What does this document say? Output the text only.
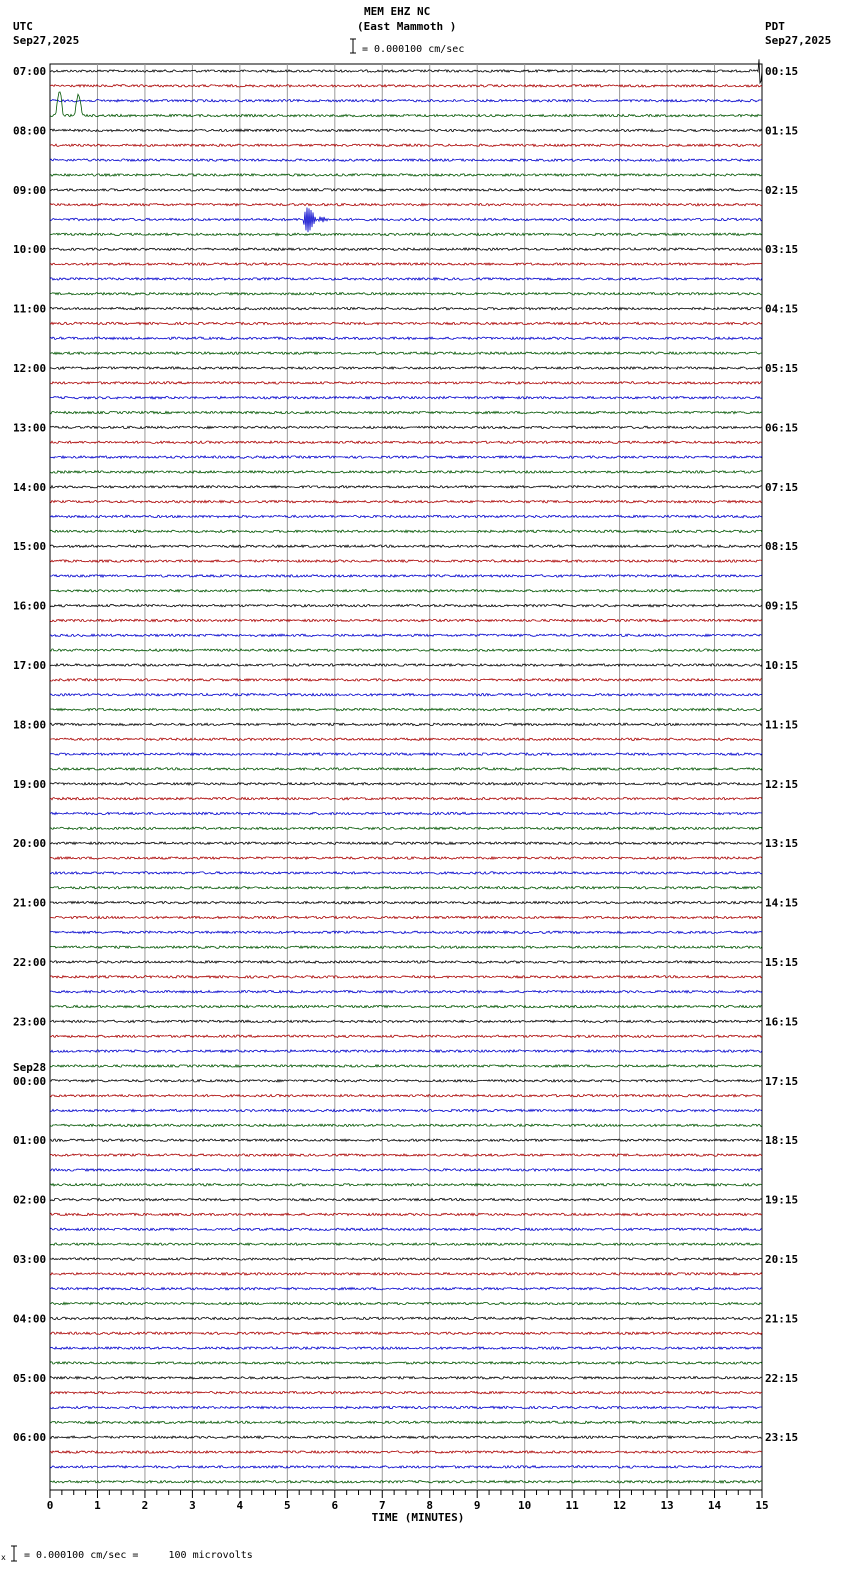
MEM EHZ NC
(East Mammoth )
= 0.000100 cm/sec
UTC
Sep27,2025
PDT
Sep27,2025
07:00
08:00
09:00
10:00
11:00
12:00
13:00
14:00
15:00
16:00
17:00
18:00
19:00
20:00
21:00
22:00
23:00
00:00
01:00
02:00
03:00
04:00
05:00
06:00
Sep28
00:15
01:15
02:15
03:15
04:15
05:15
06:15
07:15
08:15
09:15
10:15
11:15
12:15
13:15
14:15
15:15
16:15
17:15
18:15
19:15
20:15
21:15
22:15
23:15
0	1	2	3	4	5	6	7	8	9	10	11	12	13	14	15
TIME (MINUTES)
x = 0.000100 cm/sec =     100 microvolts
